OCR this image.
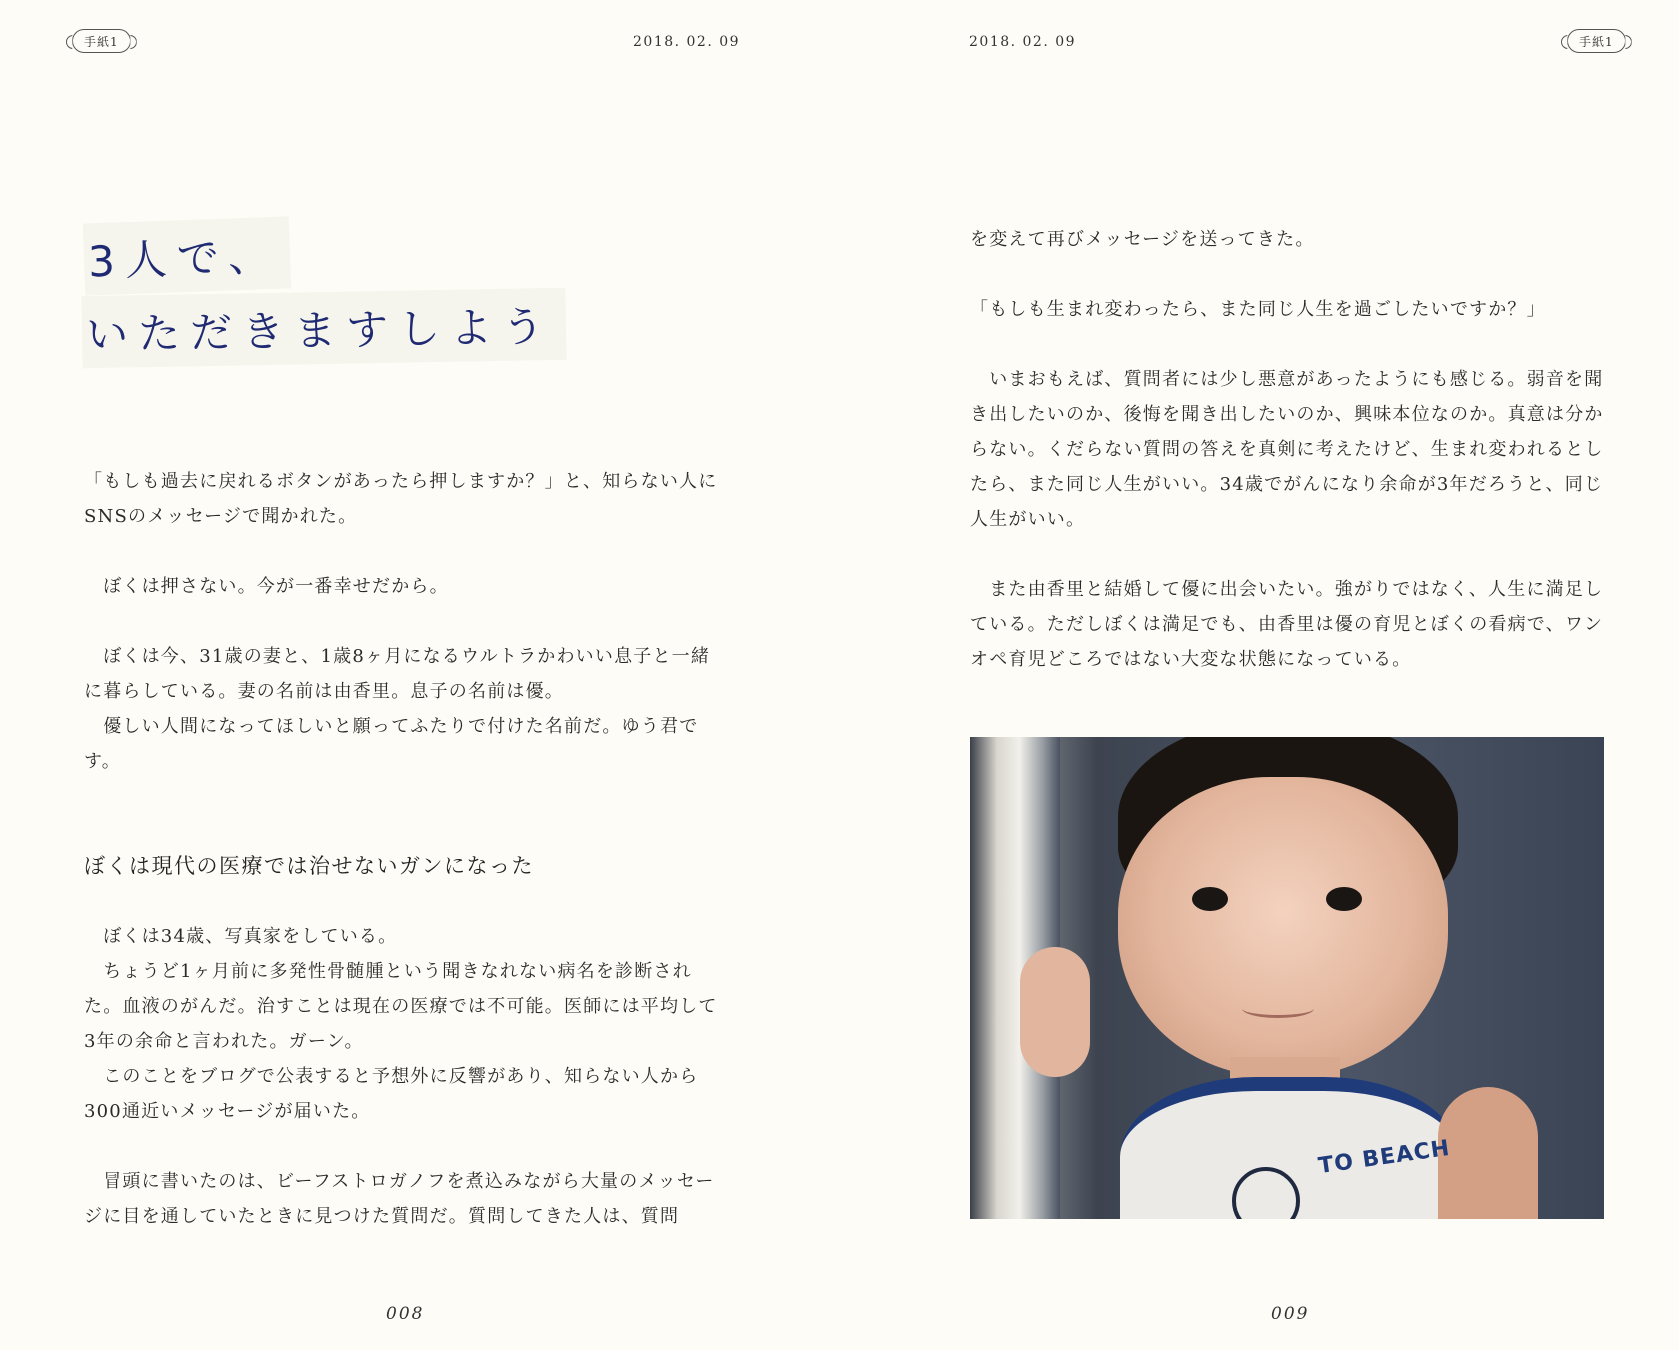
手紙1	2018. 02. 09
3人で、
いただきますしよう

「もしも過去に戻れるボタンがあったら押しますか？」と、知らない人にSNSのメッセージで聞かれた。

　ぼくは押さない。今が一番幸せだから。

　ぼくは今、31歳の妻と、1歳8ヶ月になるウルトラかわいい息子と一緒に暮らしている。妻の名前は由香里。息子の名前は優。

　優しい人間になってほしいと願ってふたりで付けた名前だ。ゆう君です。

ぼくは現代の医療では治せないガンになった

　ぼくは34歳、写真家をしている。

　ちょうど1ヶ月前に多発性骨髄腫という聞きなれない病名を診断された。血液のがんだ。治すことは現在の医療では不可能。医師には平均して3年の余命と言われた。ガーン。

　このことをブログで公表すると予想外に反響があり、知らない人から300通近いメッセージが届いた。

　冒頭に書いたのは、ビーフストロガノフを煮込みながら大量のメッセージに目を通していたときに見つけた質問だ。質問してきた人は、質問

008
2018. 02. 09	手紙1
009

を変えて再びメッセージを送ってきた。

「もしも生まれ変わったら、また同じ人生を過ごしたいですか？」

　いまおもえば、質問者には少し悪意があったようにも感じる。弱音を聞き出したいのか、後悔を聞き出したいのか、興味本位なのか。真意は分からない。くだらない質問の答えを真剣に考えたけど、生まれ変われるとしたら、また同じ人生がいい。34歳でがんになり余命が3年だろうと、同じ人生がいい。

　また由香里と結婚して優に出会いたい。強がりではなく、人生に満足している。ただしぼくは満足でも、由香里は優の育児とぼくの看病で、ワンオペ育児どころではない大変な状態になっている。

TO BEACH
